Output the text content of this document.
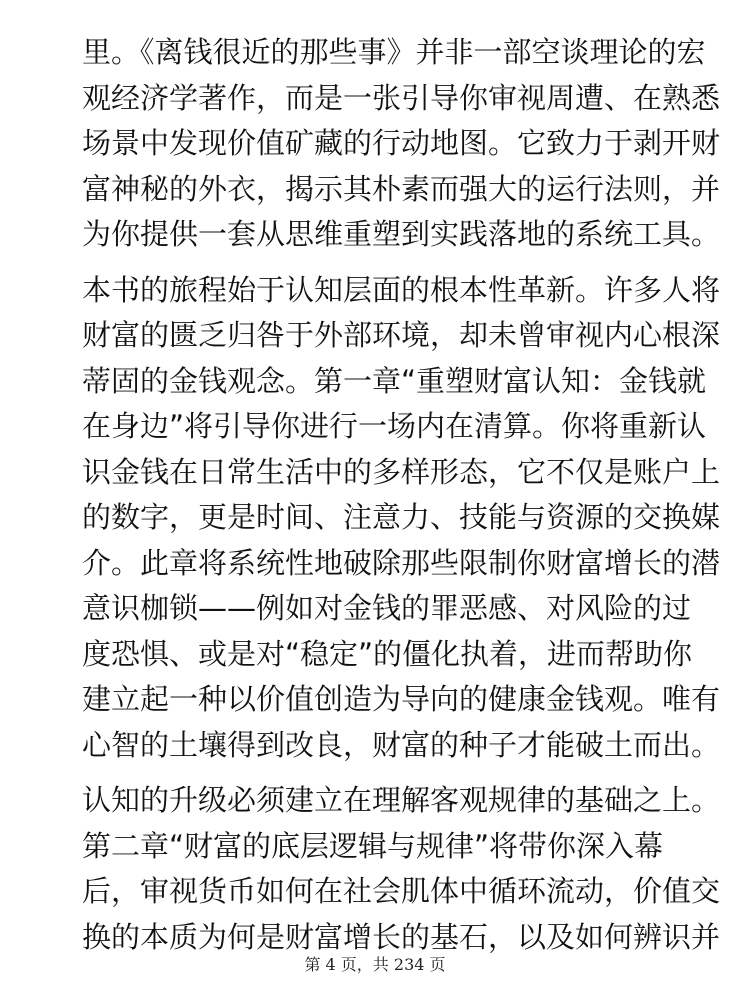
里。《离钱很近的那些事》并非一部空谈理论的宏
观经济学著作，而是一张引导你审视周遭、在熟悉
场景中发现价值矿藏的行动地图。它致力于剥开财
富神秘的外衣，揭示其朴素而强大的运行法则，并
为你提供一套从思维重塑到实践落地的系统工具。
本书的旅程始于认知层面的根本性革新。许多人将
财富的匮乏归咎于外部环境，却未曾审视内心根深
蒂固的金钱观念。第一章“重塑财富认知：金钱就
在身边”将引导你进行一场内在清算。你将重新认
识金钱在日常生活中的多样形态，它不仅是账户上
的数字，更是时间、注意力、技能与资源的交换媒
介。此章将系统性地破除那些限制你财富增长的潜
意识枷锁——例如对金钱的罪恶感、对风险的过
度恐惧、或是对“稳定”的僵化执着，进而帮助你
建立起一种以价值创造为导向的健康金钱观。唯有
心智的土壤得到改良，财富的种子才能破土而出。
认知的升级必须建立在理解客观规律的基础之上。
第二章“财富的底层逻辑与规律”将带你深入幕
后，审视货币如何在社会肌体中循环流动，价值交
换的本质为何是财富增长的基石，以及如何辨识并
第 4 页，共 234 页
